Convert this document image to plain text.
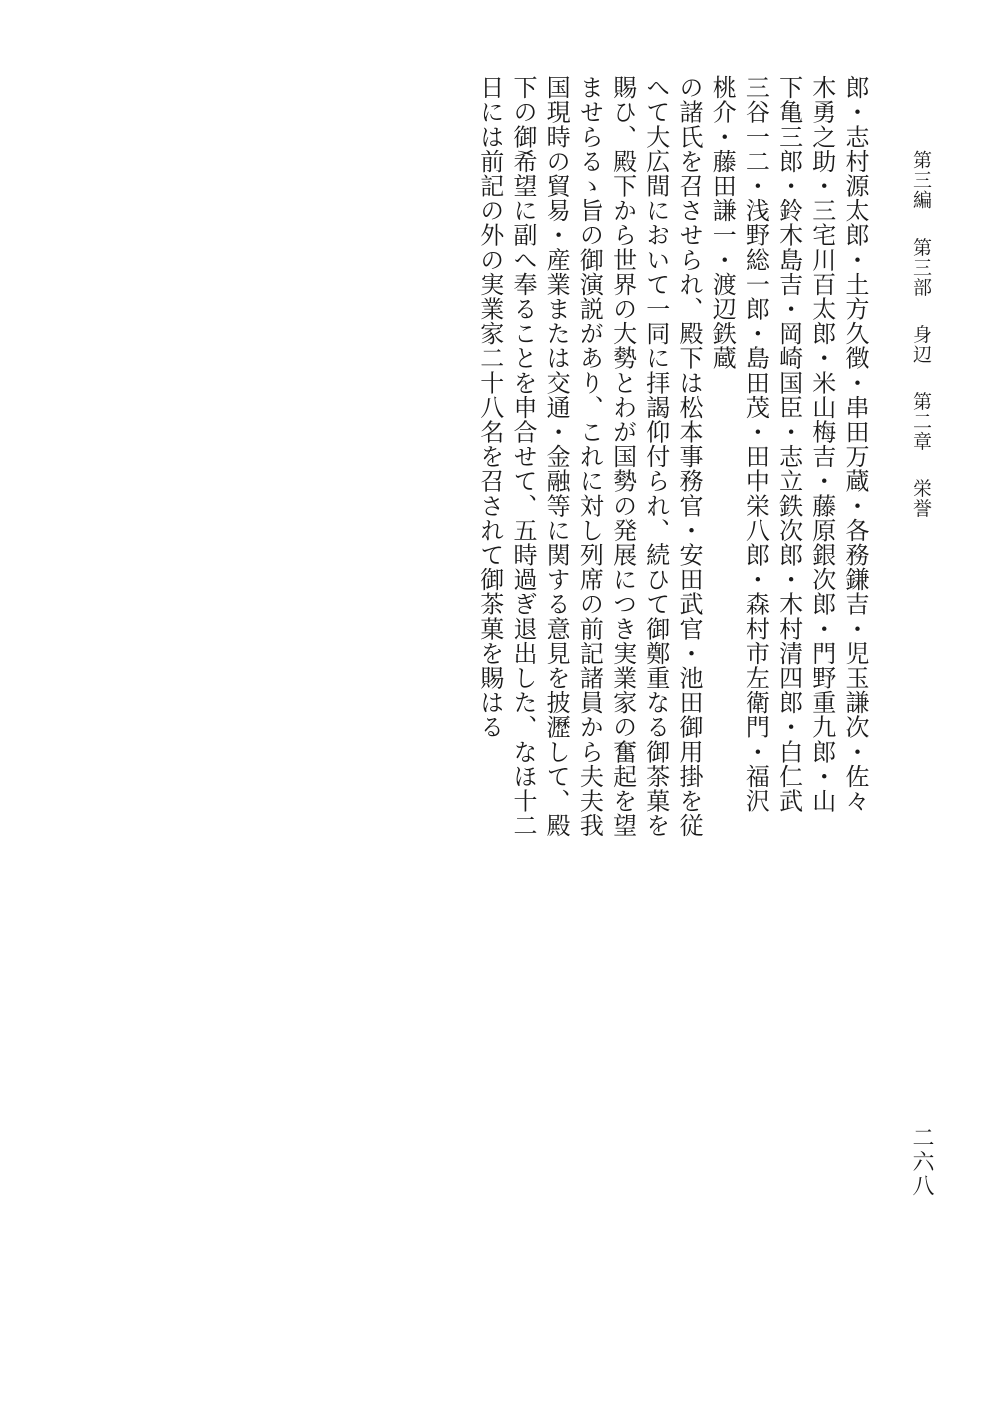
第三編 第三部 身辺 第二章 栄誉
郎・志村源太郎・土方久徴・串田万蔵・各務鎌吉・児玉謙次・佐々
木勇之助・三宅川百太郎・米山梅吉・藤原銀次郎・門野重九郎・山
下亀三郎・鈴木島吉・岡崎国臣・志立鉄次郎・木村清四郎・白仁武
三谷一二・浅野総一郎・島田茂・田中栄八郎・森村市左衛門・福沢
桃介・藤田謙一・渡辺鉄蔵
の諸氏を召させられ、殿下は松本事務官・安田武官・池田御用掛を従
へて大広間において一同に拝謁仰付られ、続ひて御鄭重なる御茶菓を
賜ひ、殿下から世界の大勢とわが国勢の発展につき実業家の奮起を望
ませらるゝ旨の御演説があり、これに対し列席の前記諸員から夫夫我
国現時の貿易・産業または交通・金融等に関する意見を披瀝して、殿
下の御希望に副へ奉ることを申合せて、五時過ぎ退出した、なほ十二
日には前記の外の実業家二十八名を召されて御茶菓を賜はる
二六八
